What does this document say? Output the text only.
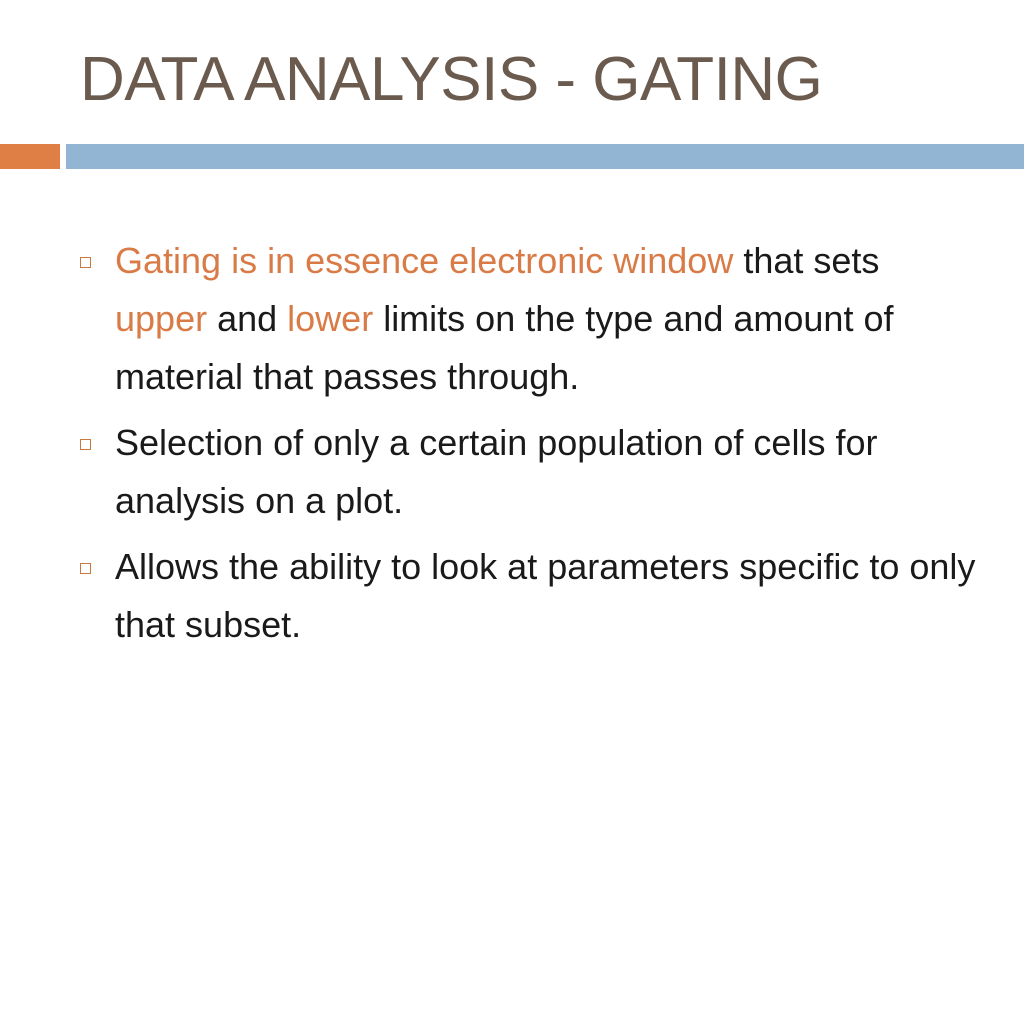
DATA ANALYSIS - GATING
Gating is in essence electronic window that sets upper and lower limits on the type and amount of material that passes through.
Selection of only a certain population of cells for analysis on a plot.
Allows the ability to look at parameters specific to only that subset.
